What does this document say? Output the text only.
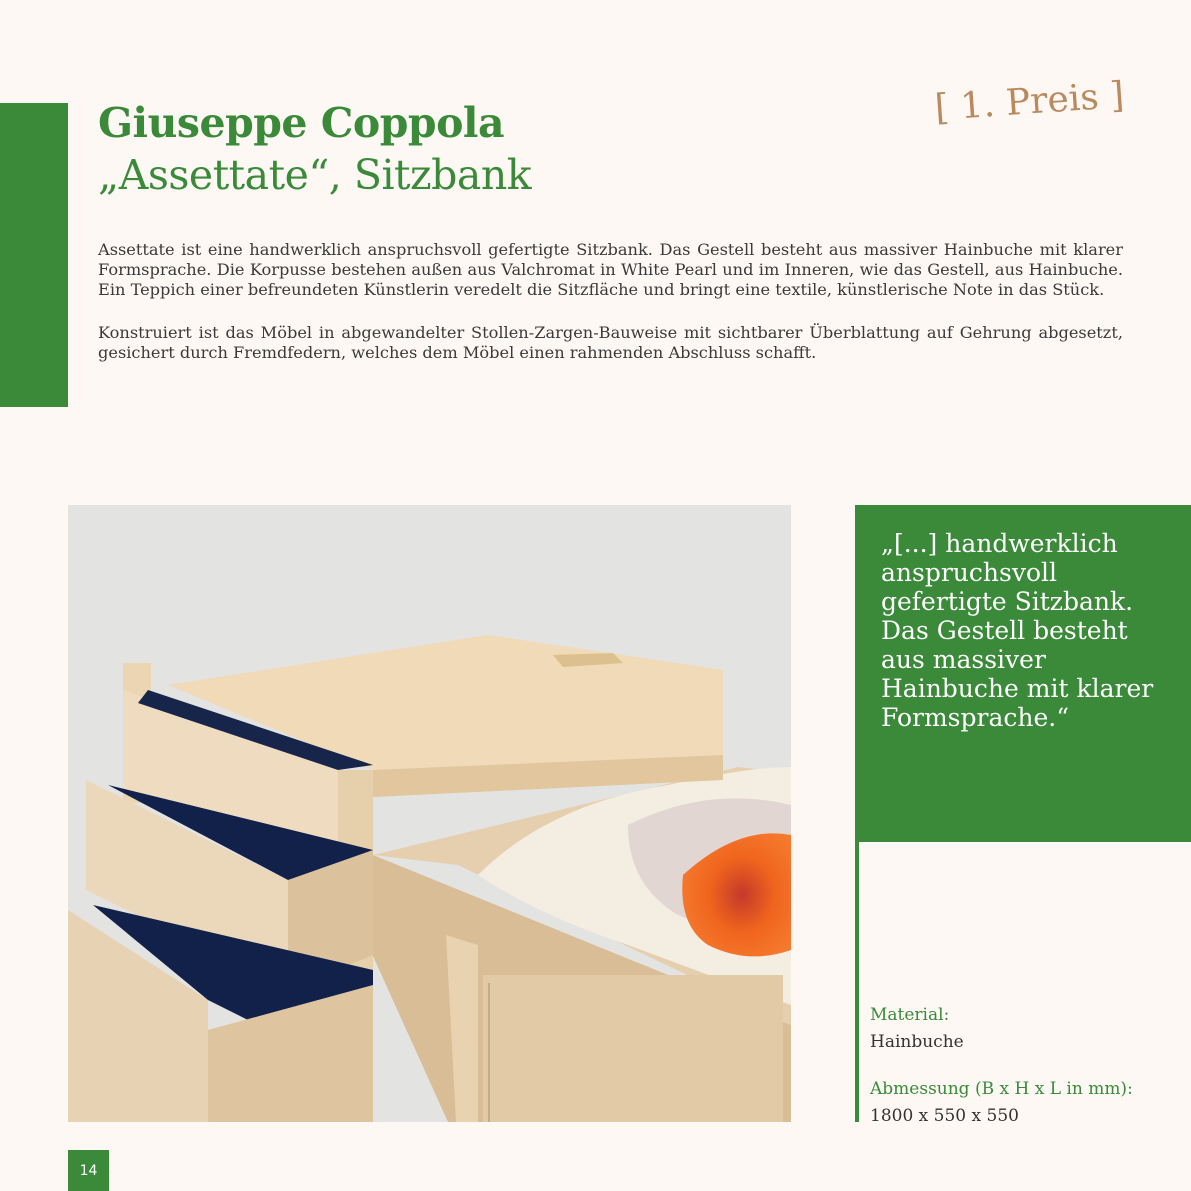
Giuseppe Coppola
„Assettate“, Sitzbank
[ 1. Preis ]

Assettate ist eine handwerklich anspruchsvoll gefertigte Sitzbank. Das Gestell besteht aus massiver Hainbuche mit klarer Formsprache. Die Korpusse bestehen außen aus Valchromat in White Pearl und im Inneren, wie das Gestell, aus Hainbuche. Ein Teppich einer befreundeten Künstlerin veredelt die Sitzfläche und bringt eine textile, künstlerische Note in das Stück.

Konstruiert ist das Möbel in abgewandelter Stollen-Zargen-Bauweise mit sichtbarer Überblattung auf Gehrung abgesetzt, gesichert durch Fremdfedern, welches dem Möbel einen rahmenden Abschluss schafft.

„[...] handwerklich anspruchsvoll gefertigte Sitzbank. Das Gestell besteht aus massiver Hainbuche mit klarer Formsprache.“
Material:
Hainbuche
Abmessung (B x H x L in mm):
1800 x 550 x 550
14
